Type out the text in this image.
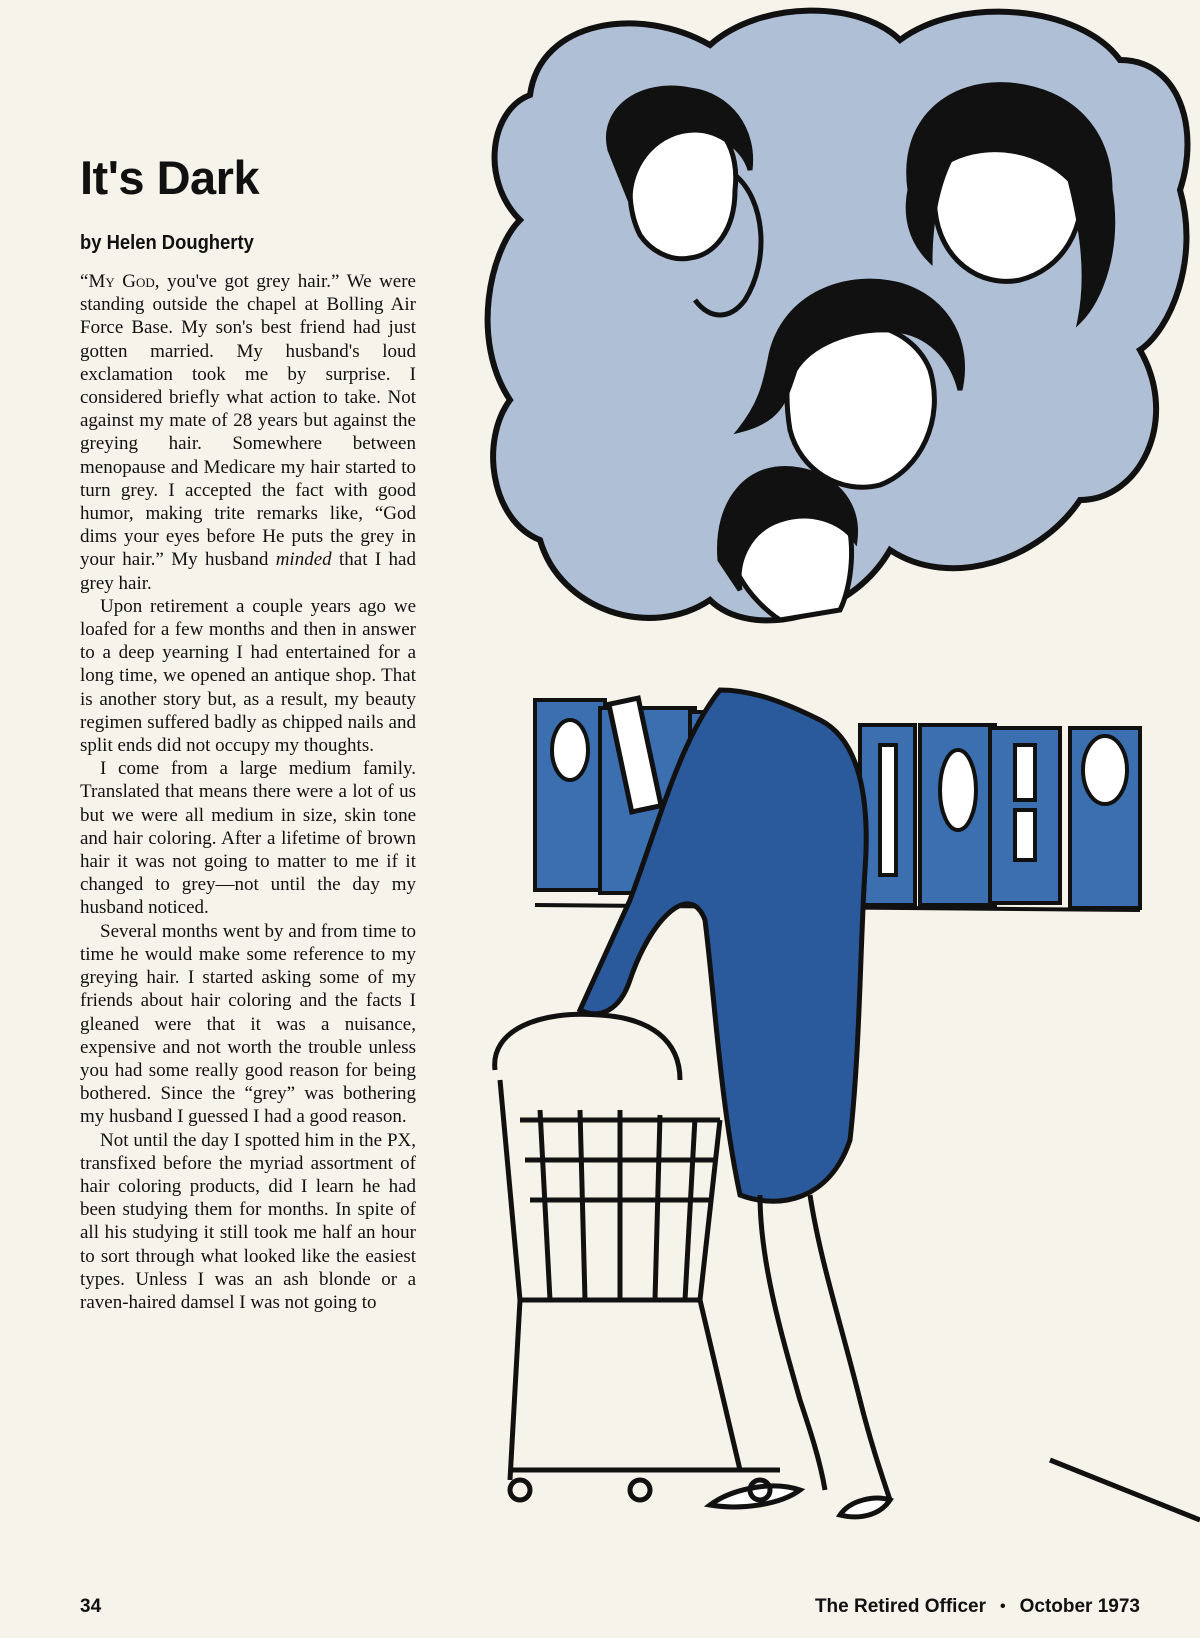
It's Dark
by Helen Dougherty

“My God, you've got grey hair.” We were standing outside the chapel at Bolling Air Force Base. My son's best friend had just gotten married. My husband's loud exclamation took me by surprise. I considered briefly what action to take. Not against my mate of 28 years but against the greying hair. Somewhere between menopause and Medicare my hair started to turn grey. I accepted the fact with good humor, making trite remarks like, “God dims your eyes before He puts the grey in your hair.” My husband minded that I had grey hair.

Upon retirement a couple years ago we loafed for a few months and then in answer to a deep yearning I had entertained for a long time, we opened an antique shop. That is another story but, as a result, my beauty regimen suffered badly as chipped nails and split ends did not occupy my thoughts.

I come from a large medium family. Translated that means there were a lot of us but we were all medium in size, skin tone and hair coloring. After a lifetime of brown hair it was not going to matter to me if it changed to grey—not until the day my husband noticed.

Several months went by and from time to time he would make some reference to my greying hair. I started asking some of my friends about hair coloring and the facts I gleaned were that it was a nuisance, expensive and not worth the trouble unless you had some really good reason for being bothered. Since the “grey” was bothering my husband I guessed I had a good reason.

Not until the day I spotted him in the PX, transfixed before the myriad assortment of hair coloring products, did I learn he had been studying them for months. In spite of all his studying it still took me half an hour to sort through what looked like the easiest types. Unless I was an ash blonde or a raven-haired damsel I was not going to

34	The Retired Officer • October 1973
